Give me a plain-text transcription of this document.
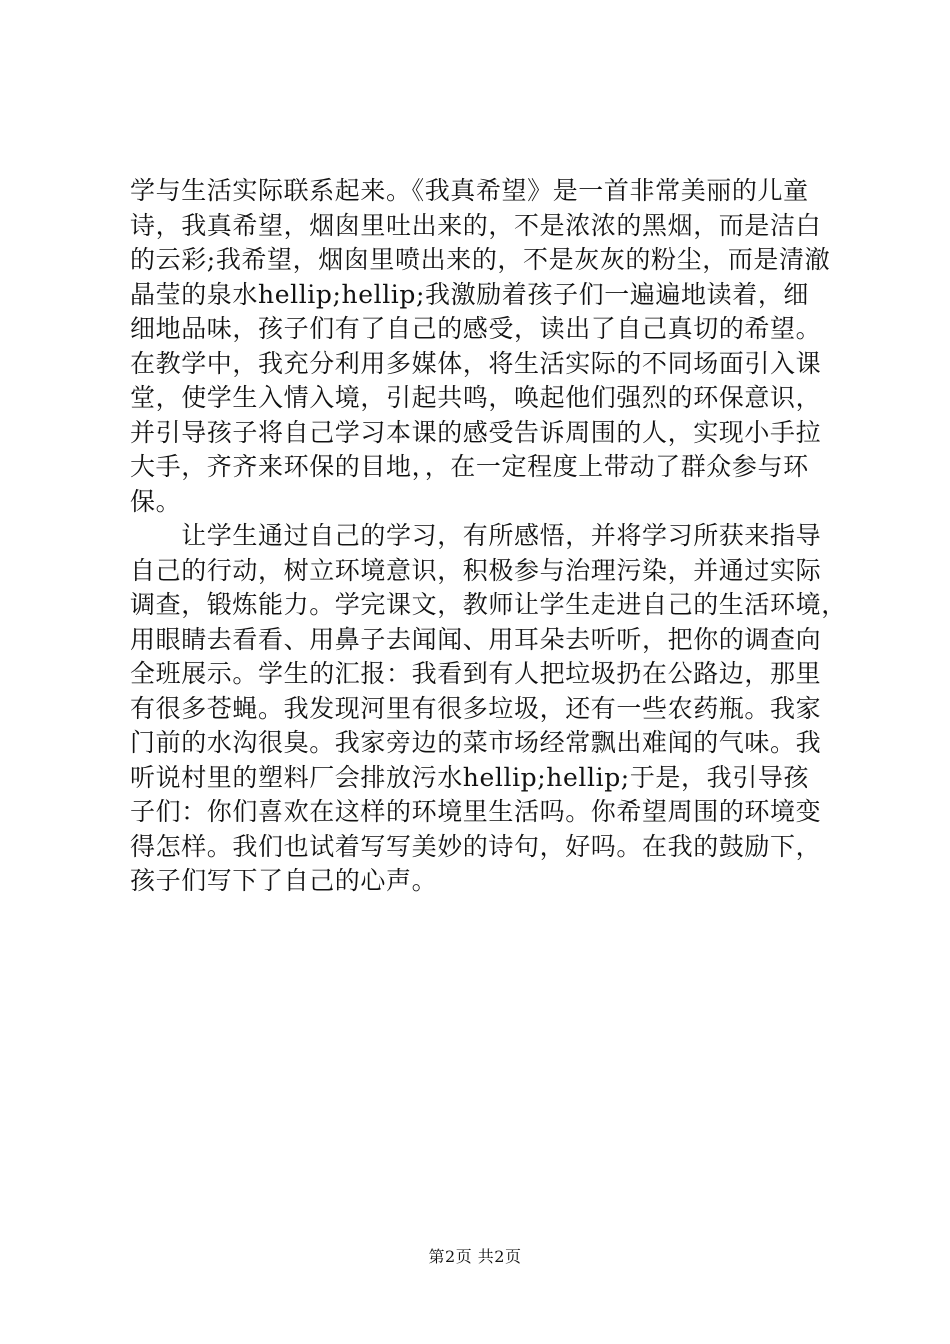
学与生活实际联系起来。《我真希望》是一首非常美丽的儿童
诗，我真希望，烟囱里吐出来的，不是浓浓的黑烟，而是洁白
的云彩;我希望，烟囱里喷出来的，不是灰灰的粉尘，而是清澈
晶莹的泉水hellip;hellip;我激励着孩子们一遍遍地读着，细
细地品味，孩子们有了自己的感受，读出了自己真切的希望。
在教学中，我充分利用多媒体，将生活实际的不同场面引入课
堂，使学生入情入境，引起共鸣，唤起他们强烈的环保意识，
并引导孩子将自己学习本课的感受告诉周围的人，实现小手拉
大手，齐齐来环保的目地，，在一定程度上带动了群众参与环
保。
　　让学生通过自己的学习，有所感悟，并将学习所获来指导
自己的行动，树立环境意识，积极参与治理污染，并通过实际
调查，锻炼能力。学完课文，教师让学生走进自己的生活环境，
用眼睛去看看、用鼻子去闻闻、用耳朵去听听，把你的调查向
全班展示。学生的汇报：我看到有人把垃圾扔在公路边，那里
有很多苍蝇。我发现河里有很多垃圾，还有一些农药瓶。我家
门前的水沟很臭。我家旁边的菜市场经常飘出难闻的气味。我
听说村里的塑料厂会排放污水hellip;hellip;于是，我引导孩
子们：你们喜欢在这样的环境里生活吗。你希望周围的环境变
得怎样。我们也试着写写美妙的诗句，好吗。在我的鼓励下，
孩子们写下了自己的心声。
第2页 共2页
